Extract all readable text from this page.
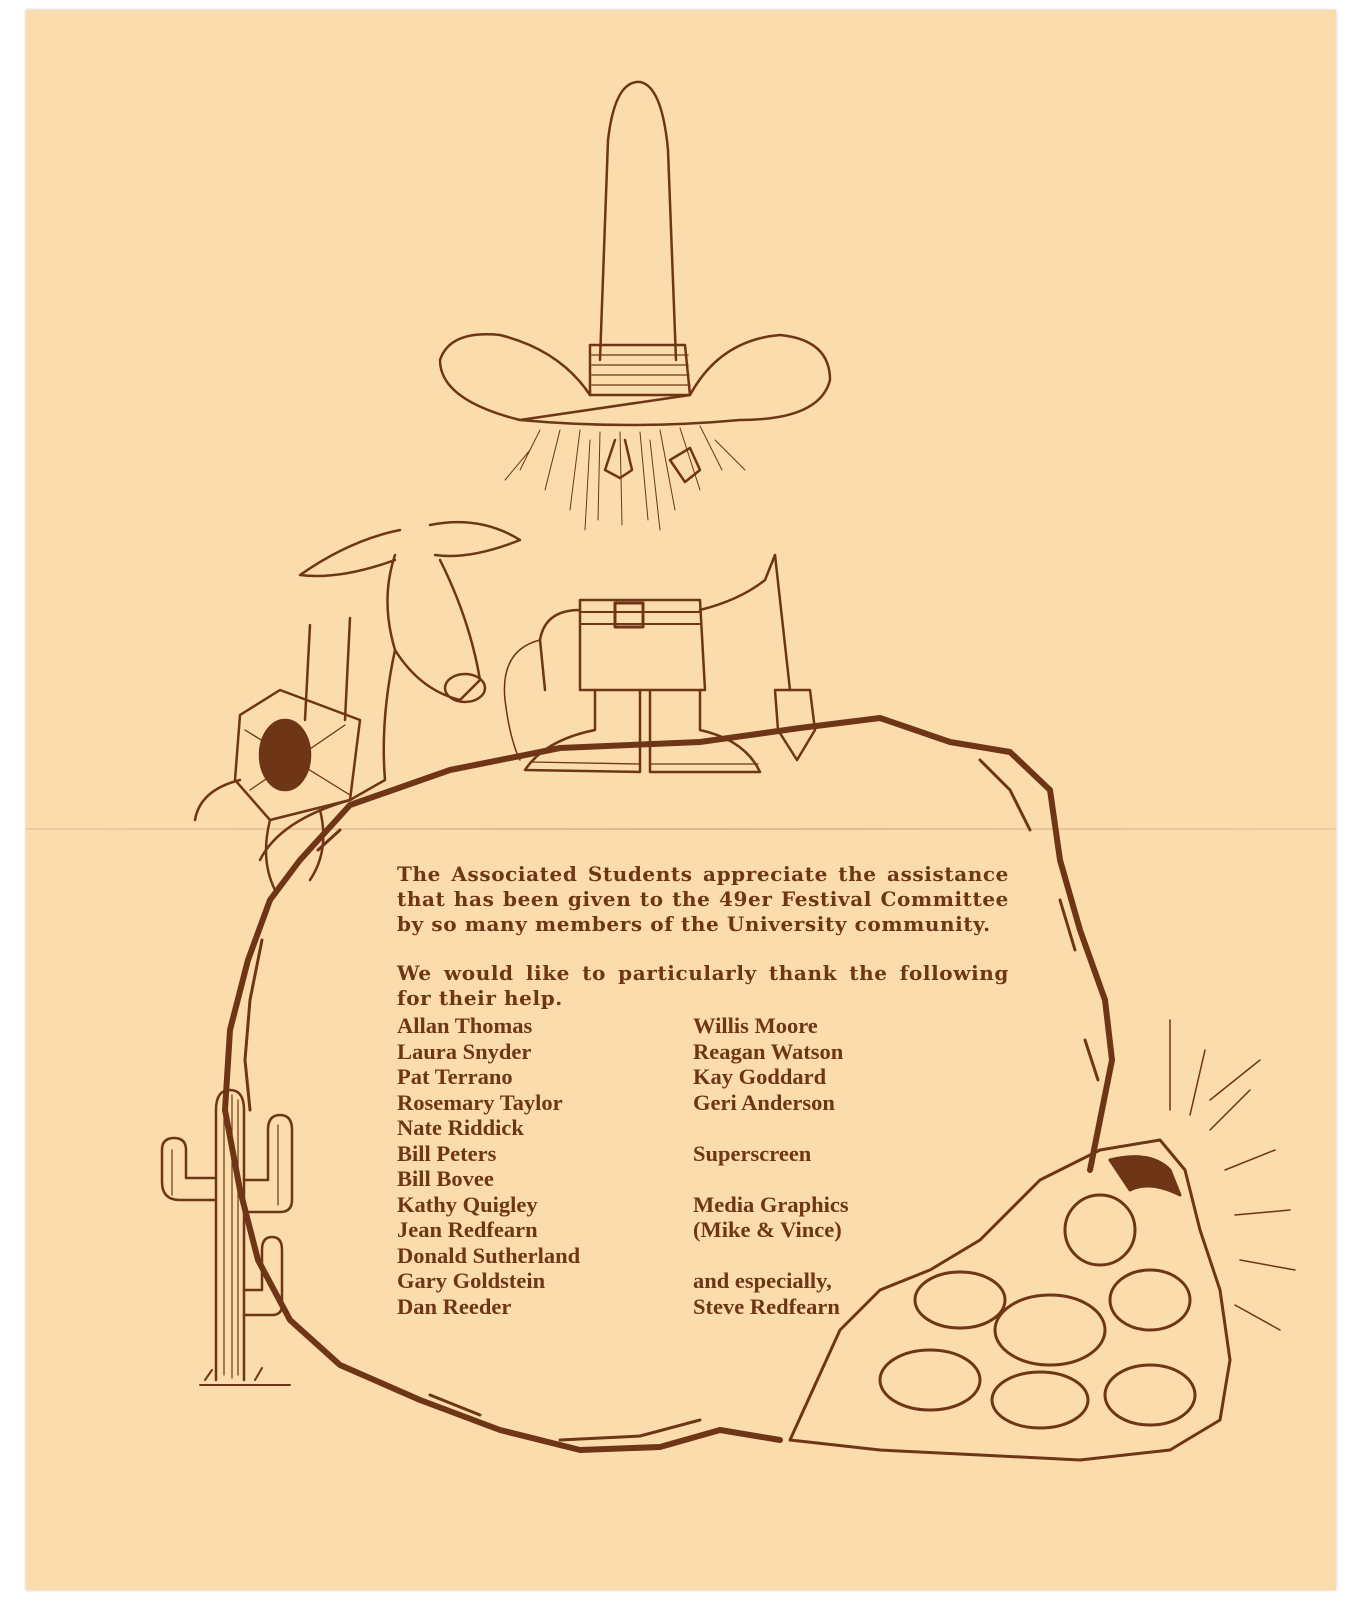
The Associated Students appreciate the assistance that has been given to the 49er Festival Committee by so many members of the University community.

We would like to particularly thank the following for their help.

Allan Thomas
Laura Snyder
Pat Terrano
Rosemary Taylor
Nate Riddick
Bill Peters
Bill Bovee
Kathy Quigley
Jean Redfearn
Donald Sutherland
Gary Goldstein
Dan Reeder
Willis Moore
Reagan Watson
Kay Goddard
Geri Anderson
Superscreen
Media Graphics
(Mike & Vince)
and especially,
Steve Redfearn
